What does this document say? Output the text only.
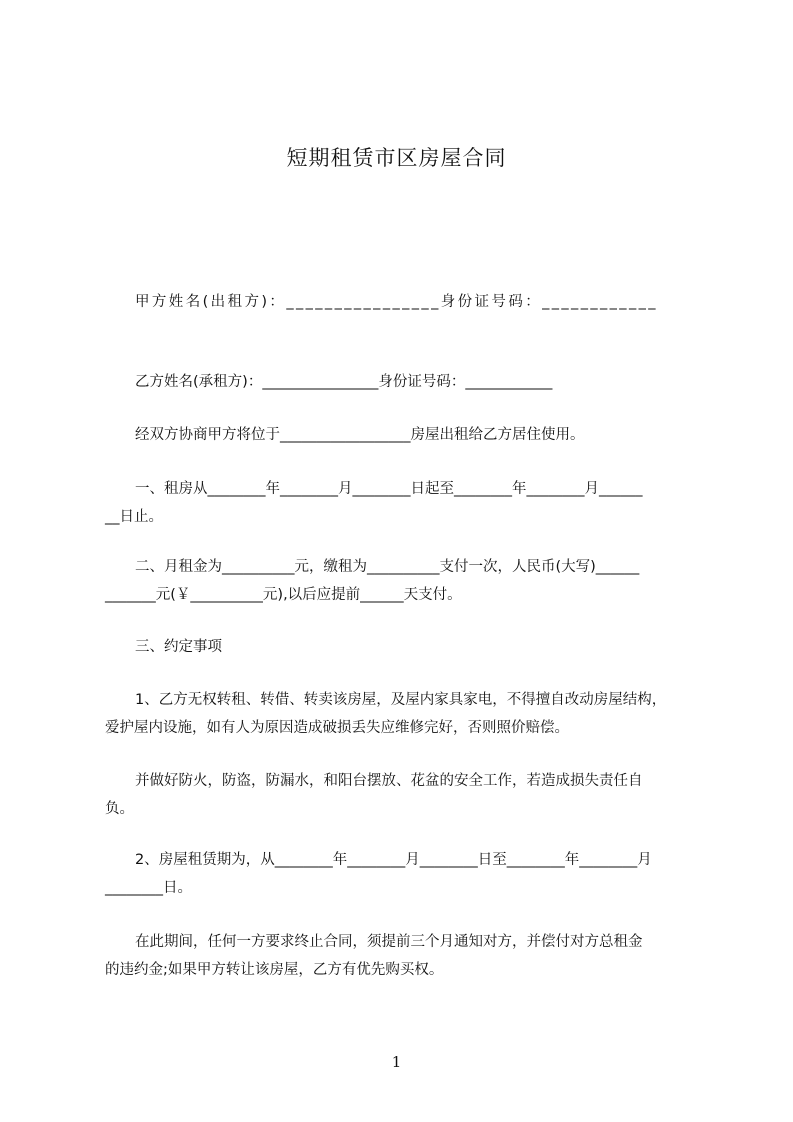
短期租赁市区房屋合同
甲方姓名(出租方)：________________身份证号码：____________
乙方姓名(承租方)：________________身份证号码：____________
经双方协商甲方将位于__________________房屋出租给乙方居住使用。
一、租房从________年________月________日起至________年________月______
__日止。
二、月租金为__________元，缴租为__________支付一次，人民币(大写)______
_______元(￥__________元),以后应提前______天支付。
三、约定事项
1、乙方无权转租、转借、转卖该房屋，及屋内家具家电，不得擅自改动房屋结构，
爱护屋内设施，如有人为原因造成破损丢失应维修完好，否则照价赔偿。
并做好防火，防盗，防漏水，和阳台摆放、花盆的安全工作，若造成损失责任自
负。
2、房屋租赁期为，从________年________月________日至________年________月
________日。
在此期间，任何一方要求终止合同，须提前三个月通知对方，并偿付对方总租金
的违约金;如果甲方转让该房屋，乙方有优先购买权。
1
